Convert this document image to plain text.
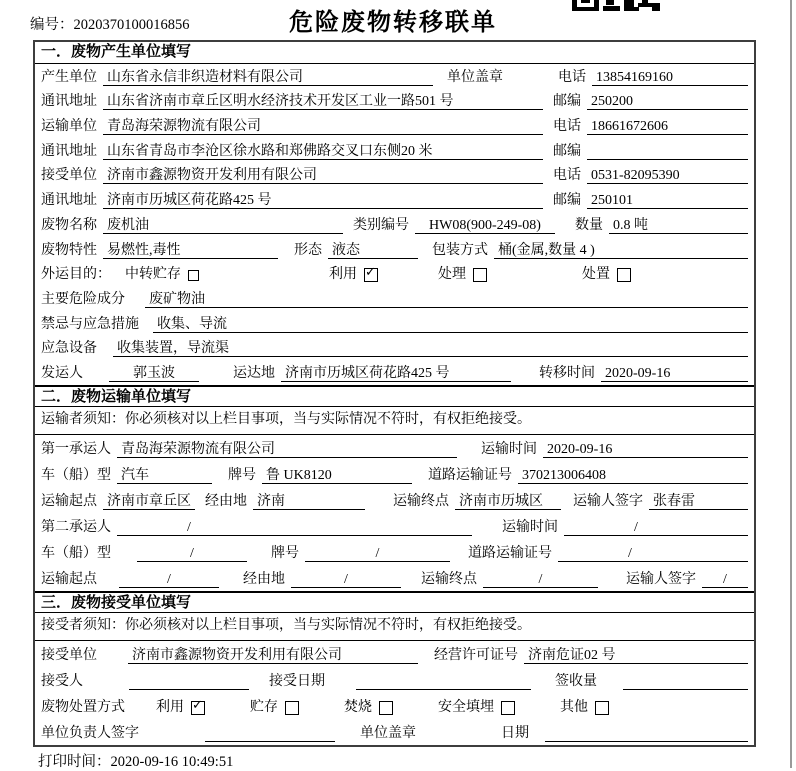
编号：2020370100016856	危险废物转移联单
一．废物产生单位填写
产生单位 山东省永信非织造材料有限公司	单位盖章	电话 13854169160
通讯地址 山东省济南市章丘区明水经济技术开发区工业一路501 号	邮编 250200
运输单位 青岛海荣源物流有限公司	电话 18661672606
通讯地址 山东省青岛市李沧区徐水路和郑佛路交叉口东侧20 米	邮编
接受单位 济南市鑫源物资开发利用有限公司	电话 0531-82095390
通讯地址 济南市历城区荷花路425 号	邮编 250101
废物名称 废机油	类别编号	HW08(900-249-08)	数量 0.8 吨
废物特性 易燃性,毒性	形态 液态	包装方式 桶(金属,数量 4 )
外运目的： 中转贮存	利用 ✓	处理	处置
主要危险成分 废矿物油
禁忌与应急措施 收集、导流
应急设备 收集装置，导流渠
发运人	郭玉波	运达地 济南市历城区荷花路425 号	转移时间 2020-09-16
二．废物运输单位填写
运输者须知：你必须核对以上栏目事项，当与实际情况不符时，有权拒绝接受。
第一承运人 青岛海荣源物流有限公司	运输时间 2020-09-16
车（船）型 汽车	牌号 鲁 UK8120	道路运输证号 370213006408
运输起点 济南市章丘区 经由地 济南	运输终点 济南市历城区	运输人签字 张春雷
第二承运人	/	运输时间	/
车（船）型	/	牌号	/	道路运输证号	/
运输起点	/	经由地	/	运输终点	/	运输人签字	/
三．废物接受单位填写
接受者须知：你必须核对以上栏目事项，当与实际情况不符时，有权拒绝接受。
接受单位	济南市鑫源物资开发利用有限公司	经营许可证号 济南危证02 号
接受人	接受日期	签收量
废物处置方式 利用 ✓	贮存	焚烧	安全填埋	其他
单位负责人签字	单位盖章	日期
打印时间：2020-09-16 10:49:51
